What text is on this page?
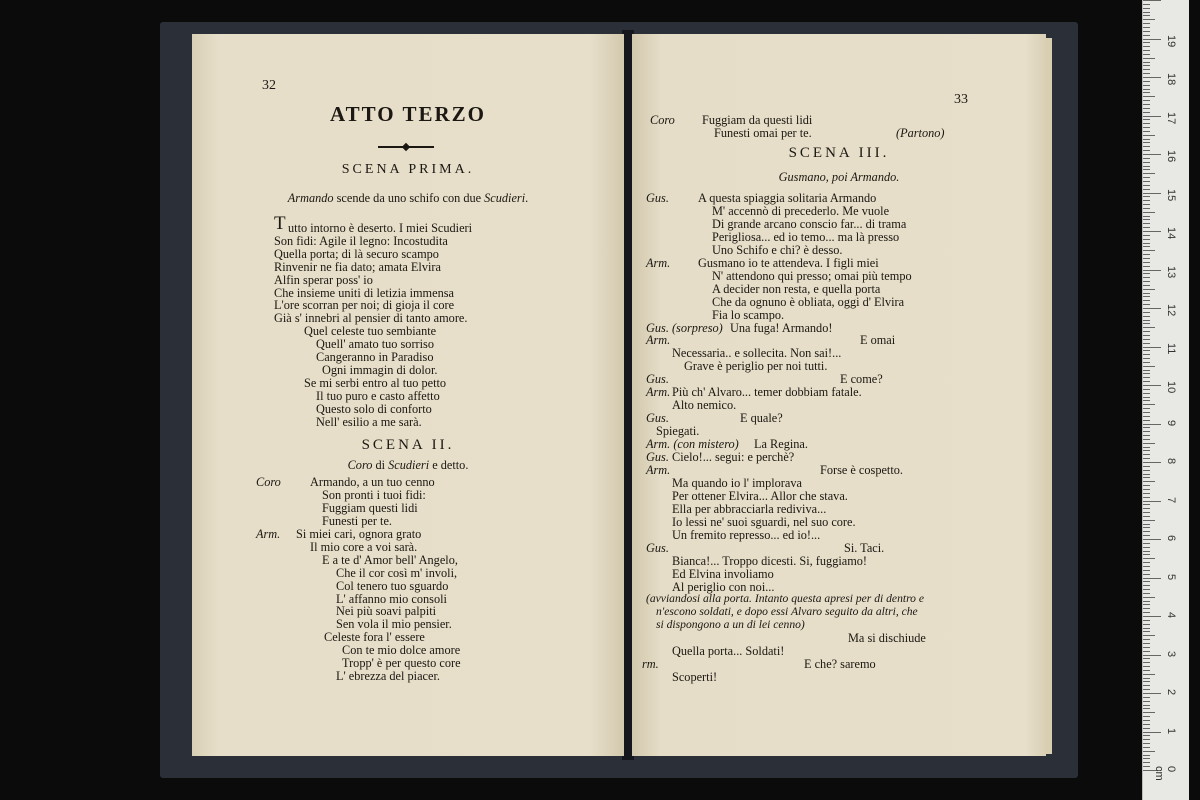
32
ATTO TERZO
SCENA PRIMA.
Armando scende da uno schifo con due Scudieri.
T utto intorno è deserto. I miei Scudieri
Son fidi: Agile il legno: Incostudita
Quella porta; di là securo scampo
Rinvenir ne fia dato; amata Elvira
Alfin sperar poss' io
Che insieme uniti di letizia immensa
L'ore scorran per noi; di gioja il core
Già s' innebri al pensier di tanto amore.
Quel celeste tuo sembiante
Quell' amato tuo sorriso
Cangeranno in Paradiso
Ogni immagin di dolor.
Se mi serbi entro al tuo petto
Il tuo puro e casto affetto
Questo solo di conforto
Nell' esilio a me sarà.
SCENA II.
Coro di Scudieri e detto.
Coro Armando, a un tuo cenno
Son pronti i tuoi fidi:
Fuggiam questi lidi
Funesti per te.
Arm. Si miei cari, ognora grato
Il mio core a voi sarà.
E a te d' Amor bell' Angelo,
Che il cor così m' involi,
Col tenero tuo sguardo
L' affanno mio consoli
Nei più soavi palpiti
Sen vola il mio pensier.
Celeste fora l' essere
Con te mio dolce amore
Tropp' è per questo core
L' ebrezza del piacer.
33
Coro Fuggiam da questi lidi
Funesti omai per te.	(Partono)
SCENA III.
Gusmano, poi Armando.
Gus. A questa spiaggia solitaria Armando
M' accennò di precederlo. Me vuole
Di grande arcano conscio far... di trama
Perigliosa... ed io temo... ma là presso
Uno Schifo e chi? è desso.
Arm. Gusmano io te attendeva. I figli miei
N' attendono qui presso; omai più tempo
A decider non resta, e quella porta
Che da ognuno è obliata, oggi d' Elvira
Fia lo scampo.
Gus. (sorpreso) Una fuga! Armando!
Arm.	E omai
Necessaria.. e sollecita. Non sai!...
Grave è periglio per noi tutti.
Gus.	E come?
Arm. Più ch' Alvaro... temer dobbiam fatale.
Alto nemico.
Gus.	E quale?
Spiegati.
Arm. (con mistero) La Regina.
Gus. Cielo!... segui: e perchè?
Arm.	Forse è cospetto.
Ma quando io l' implorava
Per ottener Elvira... Allor che stava.
Ella per abbracciarla rediviva...
Io lessi ne' suoi sguardi, nel suo core.
Un fremito represso... ed io!...
Gus.	Si. Taci.
Bianca!... Troppo dicesti. Si, fuggiamo!
Ed Elvina involiamo
Al periglio con noi...
(avviandosi alla porta. Intanto questa apresi per di dentro e
n'escono soldati, e dopo essi Alvaro seguito da altri, che
si dispongono a un di lei cenno)
Ma si dischiude
Quella porta... Soldati!
rm.	E che? saremo
Scoperti!
0 cm
1
2
3
4
5
6
7
8
9
10
11
12
13
14
15
16
17
18
19
